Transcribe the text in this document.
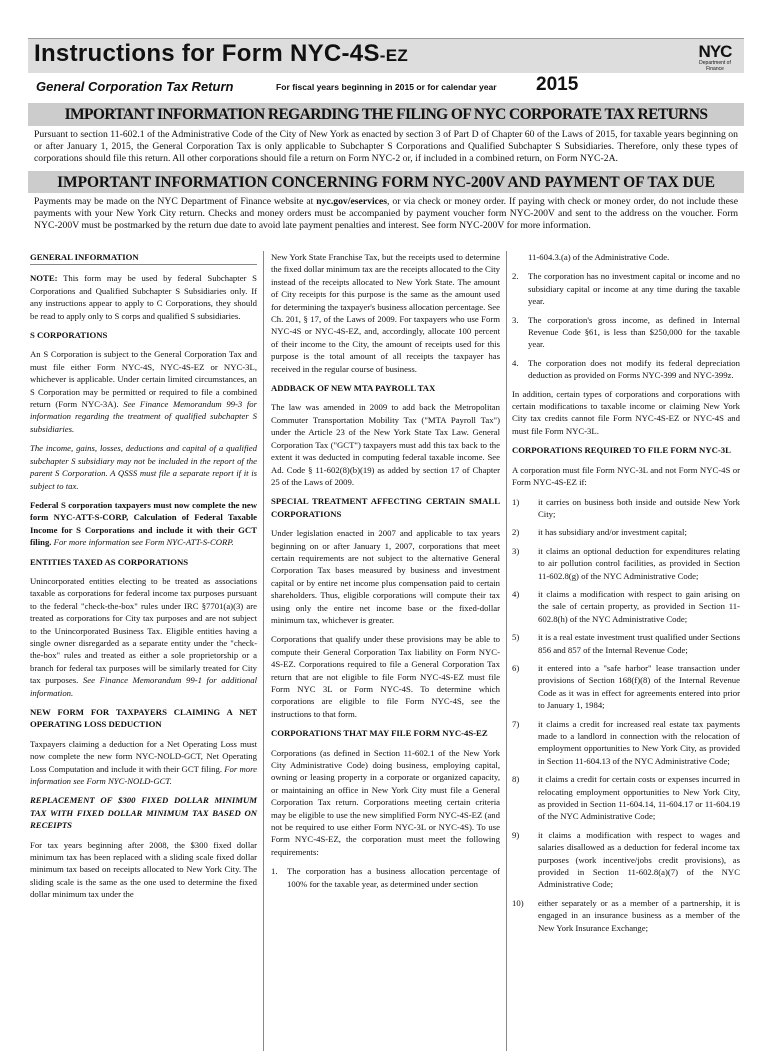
Instructions for Form NYC-4S-EZ	NYC
Department of Finance
General Corporation Tax Return	For fiscal years beginning in 2015 or for calendar year 2015
IMPORTANT INFORMATION REGARDING THE FILING OF NYC CORPORATE TAX RETURNS
Pursuant to section 11-602.1 of the Administrative Code of the City of New York as enacted by section 3 of Part D of Chapter 60 of the Laws of 2015, for taxable years beginning on or after January 1, 2015, the General Corporation Tax is only applicable to Subchapter S Corporations and Qualified Subchapter S Subsidiaries. Therefore, only these types of corporations should file this return. All other corporations should file a return on Form NYC-2 or, if included in a combined return, on Form NYC-2A.
IMPORTANT INFORMATION CONCERNING FORM NYC-200V AND PAYMENT OF TAX DUE
Payments may be made on the NYC Department of Finance website at nyc.gov/eservices, or via check or money order. If paying with check or money order, do not include these payments with your New York City return. Checks and money orders must be accompanied by payment voucher form NYC-200V and sent to the address on the voucher. Form NYC-200V must be postmarked by the return due date to avoid late payment penalties and interest. See form NYC-200V for more information.

GENERAL INFORMATION

NOTE: This form may be used by federal Subchapter S Corporations and Qualified Subchapter S Subsidiaries only. If any instructions appear to apply to C Corporations, they should be read to apply only to S corps and qualified S subsidiaries.

S CORPORATIONS

An S Corporation is subject to the General Corporation Tax and must file either Form NYC-4S, NYC-4S-EZ or NYC-3L, whichever is applicable. Under certain limited circumstances, an S Corporation may be permitted or required to file a combined return (Form NYC-3A). See Finance Memorandum 99-3 for information regarding the treatment of qualified subchapter S subsidiaries.

The income, gains, losses, deductions and capital of a qualified subchapter S subsidiary may not be included in the report of the parent S Corporation. A QSSS must file a separate report if it is subject to tax.

Federal S corporation taxpayers must now complete the new form NYC-ATT-S-CORP, Calculation of Federal Taxable Income for S Corporations and include it with their GCT filing. For more information see Form NYC-ATT-S-CORP.

ENTITIES TAXED AS CORPORATIONS

Unincorporated entities electing to be treated as associations taxable as corporations for federal income tax purposes pursuant to the federal "check-the-box" rules under IRC §7701(a)(3) are treated as corporations for City tax purposes and are not subject to the Unincorporated Business Tax. Eligible entities having a single owner disregarded as a separate entity under the "check-the-box" rules and treated as either a sole proprietorship or a branch for federal tax purposes will be similarly treated for City tax purposes. See Finance Memorandum 99-1 for additional information.

NEW FORM FOR TAXPAYERS CLAIMING A NET OPERATING LOSS DEDUCTION

Taxpayers claiming a deduction for a Net Operating Loss must now complete the new form NYC-NOLD-GCT, Net Operating Loss Computation and include it with their GCT filing. For more information see Form NYC-NOLD-GCT.

REPLACEMENT OF $300 FIXED DOLLAR MINIMUM TAX WITH FIXED DOLLAR MINIMUM TAX BASED ON RECEIPTS

For tax years beginning after 2008, the $300 fixed dollar minimum tax has been replaced with a sliding scale fixed dollar minimum tax based on receipts allocated to New York City. The sliding scale is the same as the one used to determine the fixed dollar minimum tax under the

New York State Franchise Tax, but the receipts used to determine the fixed dollar minimum tax are the receipts allocated to the City instead of the receipts allocated to New York State. The amount of City receipts for this purpose is the same as the amount used for determining the taxpayer's business allocation percentage. See Ch. 201, § 17, of the Laws of 2009. For taxpayers who use Form NYC-4S or NYC-4S-EZ, and, accordingly, allocate 100 percent of their income to the City, the amount of receipts used for this purpose is the total amount of all receipts the taxpayer has received in the regular course of business.

ADDBACK OF NEW MTA PAYROLL TAX

The law was amended in 2009 to add back the Metropolitan Commuter Transportation Mobility Tax ("MTA Payroll Tax") under the Article 23 of the New York State Tax Law. General Corporation Tax ("GCT") taxpayers must add this tax back to the extent it was deducted in computing federal taxable income. See Ad. Code § 11-602(8)(b)(19) as added by section 17 of Chapter 25 of the Laws of 2009.

SPECIAL TREATMENT AFFECTING CERTAIN SMALL CORPORATIONS

Under legislation enacted in 2007 and applicable to tax years beginning on or after January 1, 2007, corporations that meet certain requirements are not subject to the alternative General Corporation Tax bases measured by business and investment capital or by entire net income plus compensation paid to certain shareholders. Thus, eligible corporations will compute their tax using only the entire net income base or the fixed-dollar minimum tax, whichever is greater.

Corporations that qualify under these provisions may be able to compute their General Corporation Tax liability on Form NYC-4S-EZ. Corporations required to file a General Corporation Tax return that are not eligible to file Form NYC-4S-EZ must file Form NYC 3L or Form NYC-4S. To determine which corporations are eligible to file Form NYC-4S, see the instructions to that form.

CORPORATIONS THAT MAY FILE FORM NYC-4S-EZ

Corporations (as defined in Section 11-602.1 of the New York City Administrative Code) doing business, employing capital, owning or leasing property in a corporate or organized capacity, or maintaining an office in New York City must file a General Corporation Tax return. Corporations meeting certain criteria may be eligible to use the new simplified Form NYC-4S-EZ (and not be required to use either Form NYC-3L or NYC-4S). To use Form NYC-4S-EZ, the corporation must meet the following requirements:

1. The corporation has a business allocation percentage of 100% for the taxable year, as determined under section

11-604.3.(a) of the Administrative Code.

2. The corporation has no investment capital or income and no subsidiary capital or income at any time during the taxable year.
3. The corporation's gross income, as defined in Internal Revenue Code §61, is less than $250,000 for the taxable year.
4. The corporation does not modify its federal depreciation deduction as provided on Forms NYC-399 and NYC-399z.

In addition, certain types of corporations and corporations with certain modifications to taxable income or claiming New York City tax credits cannot file Form NYC-4S-EZ or NYC-4S and must file Form NYC-3L.

CORPORATIONS REQUIRED TO FILE FORM NYC-3L

A corporation must file Form NYC-3L and not Form NYC-4S or Form NYC-4S-EZ if:

1) it carries on business both inside and outside New York City;
2) it has subsidiary and/or investment capital;
3) it claims an optional deduction for expenditures relating to air pollution control facilities, as provided in Section 11-602.8(g) of the NYC Administrative Code;
4) it claims a modification with respect to gain arising on the sale of certain property, as provided in Section 11-602.8(h) of the NYC Administrative Code;
5) it is a real estate investment trust qualified under Sections 856 and 857 of the Internal Revenue Code;
6) it entered into a "safe harbor" lease transaction under provisions of Section 168(f)(8) of the Internal Revenue Code as it was in effect for agreements entered into prior to January 1, 1984;
7) it claims a credit for increased real estate tax payments made to a landlord in connection with the relocation of employment opportunities to New York City, as provided in Section 11-604.13 of the NYC Administrative Code;
8) it claims a credit for certain costs or expenses incurred in relocating employment opportunities to New York City, as provided in Section 11-604.14, 11-604.17 or 11-604.19 of the NYC Administrative Code;
9) it claims a modification with respect to wages and salaries disallowed as a deduction for federal income tax purposes (work incentive/jobs credit provisions), as provided in Section 11-602.8(a)(7) of the NYC Administrative Code;
10) either separately or as a member of a partnership, it is engaged in an insurance business as a member of the New York Insurance Exchange;
